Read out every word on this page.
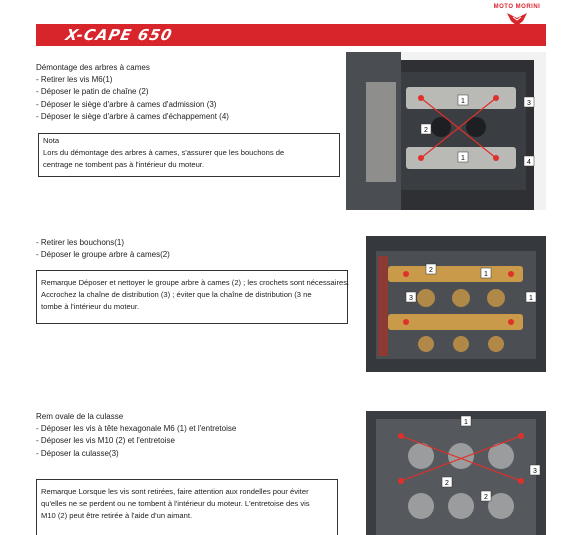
X-CAPE 650
MOTO MORINI
Démontage des arbres à cames
- Retirer les vis M6(1)
- Déposer le patin de chaîne (2)
- Déposer le siège d'arbre à cames d'admission (3)
- Déposer le siège d'arbre à cames d'échappement (4)
Nota
Lors du démontage des arbres à cames, s'assurer que les bouchons de
centrage ne tombent pas à l'intérieur du moteur.
1	3
2
1
4
- Retirer les bouchons(1)
- Déposer le groupe arbre à cames(2)
Remarque Déposer et nettoyer le groupe arbre à cames (2) ; les crochets sont nécessaires.
Accrochez la chaîne de distribution (3) ; éviter que la chaîne de distribution (3 ne
tombe à l'intérieur du moteur.
1
2
3	1
Rem ovale de la culasse
- Déposer les vis à tête hexagonale M6 (1) et l'entretoise
- Déposer les vis M10 (2) et l'entretoise
- Déposer la culasse(3)
Remarque Lorsque les vis sont retirées, faire attention aux rondelles pour éviter
qu'elles ne se perdent ou ne tombent à l'intérieur du moteur. L'entretoise des vis
M10 (2) peut être retirée à l'aide d'un aimant.
1
2
2
3
